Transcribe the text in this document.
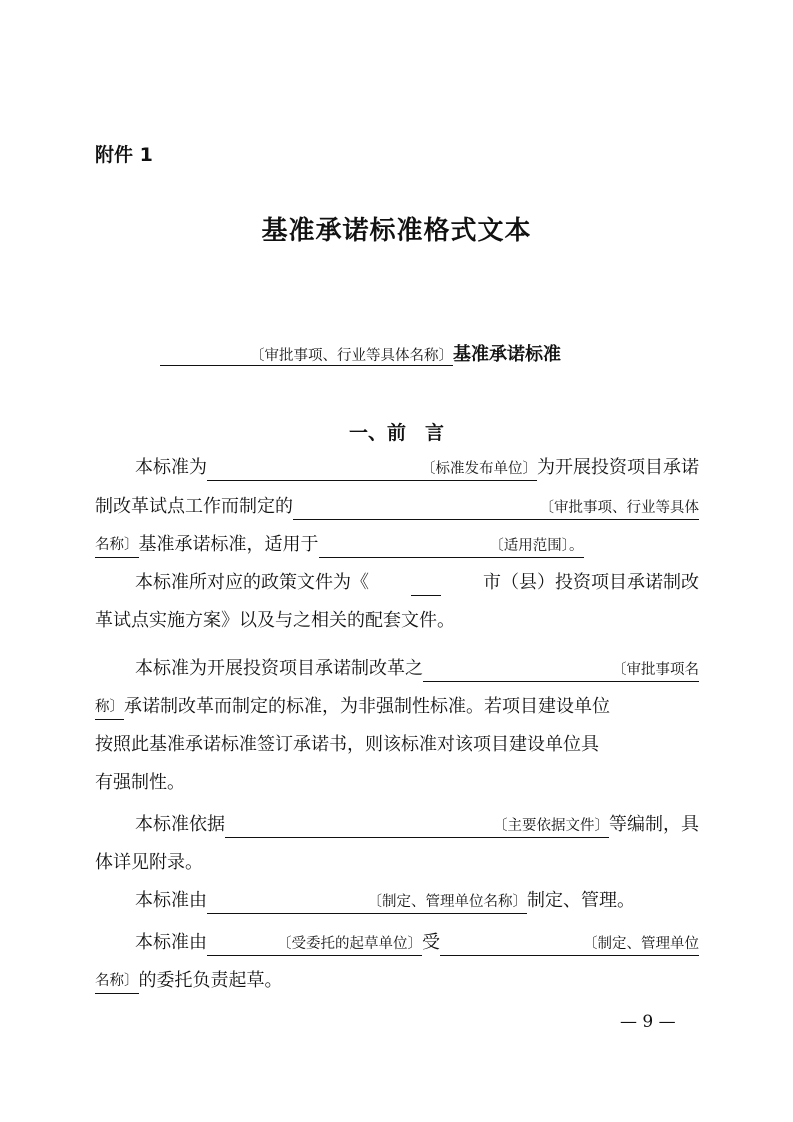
附件 1
基准承诺标准格式文本
〔审批事项、行业等具体名称〕 基准承诺标准
一、前　言
本标准为	〔标准发布单位〕 为开展投资项目承诺
制改革试点工作而制定的	〔审批事项、行业等具体
名称〕 基准承诺标准，适用于	〔适用范围〕。
本标准所对应的政策文件为《	市（县）投资项目承诺制改
革试点实施方案》以及与之相关的配套文件。
本标准为开展投资项目承诺制改革之	〔审批事项名
称〕 承诺制改革而制定的标准，为非强制性标准。若项目建设单位
按照此基准承诺标准签订承诺书，则该标准对该项目建设单位具
有强制性。
本标准依据	〔主要依据文件〕 等编制，具
体详见附录。
本标准由	〔制定、管理单位名称〕 制定、管理。
本标准由	〔受委托的起草单位〕 受	〔制定、管理单位
名称〕 的委托负责起草。
— 9 —
